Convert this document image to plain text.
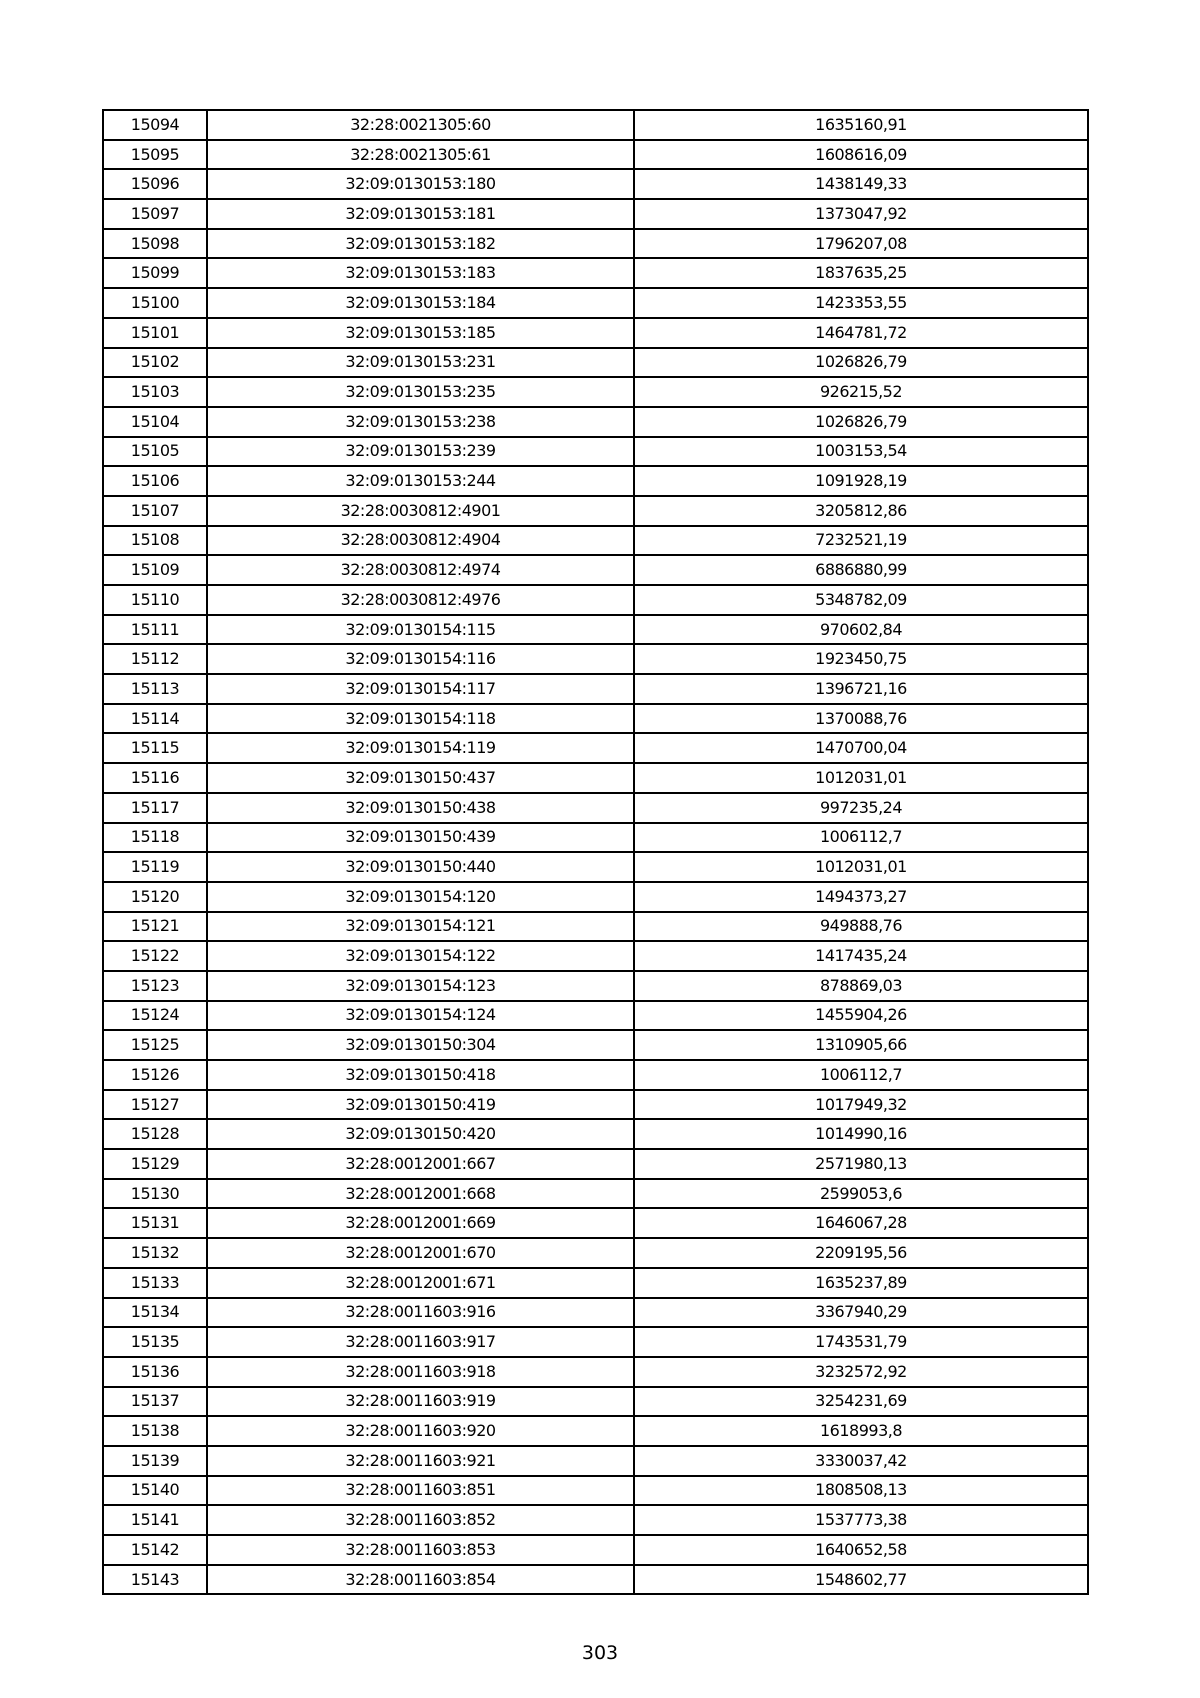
15094	32:28:0021305:60	1635160,91
15095	32:28:0021305:61	1608616,09
15096	32:09:0130153:180	1438149,33
15097	32:09:0130153:181	1373047,92
15098	32:09:0130153:182	1796207,08
15099	32:09:0130153:183	1837635,25
15100	32:09:0130153:184	1423353,55
15101	32:09:0130153:185	1464781,72
15102	32:09:0130153:231	1026826,79
15103	32:09:0130153:235	926215,52
15104	32:09:0130153:238	1026826,79
15105	32:09:0130153:239	1003153,54
15106	32:09:0130153:244	1091928,19
15107	32:28:0030812:4901	3205812,86
15108	32:28:0030812:4904	7232521,19
15109	32:28:0030812:4974	6886880,99
15110	32:28:0030812:4976	5348782,09
15111	32:09:0130154:115	970602,84
15112	32:09:0130154:116	1923450,75
15113	32:09:0130154:117	1396721,16
15114	32:09:0130154:118	1370088,76
15115	32:09:0130154:119	1470700,04
15116	32:09:0130150:437	1012031,01
15117	32:09:0130150:438	997235,24
15118	32:09:0130150:439	1006112,7
15119	32:09:0130150:440	1012031,01
15120	32:09:0130154:120	1494373,27
15121	32:09:0130154:121	949888,76
15122	32:09:0130154:122	1417435,24
15123	32:09:0130154:123	878869,03
15124	32:09:0130154:124	1455904,26
15125	32:09:0130150:304	1310905,66
15126	32:09:0130150:418	1006112,7
15127	32:09:0130150:419	1017949,32
15128	32:09:0130150:420	1014990,16
15129	32:28:0012001:667	2571980,13
15130	32:28:0012001:668	2599053,6
15131	32:28:0012001:669	1646067,28
15132	32:28:0012001:670	2209195,56
15133	32:28:0012001:671	1635237,89
15134	32:28:0011603:916	3367940,29
15135	32:28:0011603:917	1743531,79
15136	32:28:0011603:918	3232572,92
15137	32:28:0011603:919	3254231,69
15138	32:28:0011603:920	1618993,8
15139	32:28:0011603:921	3330037,42
15140	32:28:0011603:851	1808508,13
15141	32:28:0011603:852	1537773,38
15142	32:28:0011603:853	1640652,58
15143	32:28:0011603:854	1548602,77
303
